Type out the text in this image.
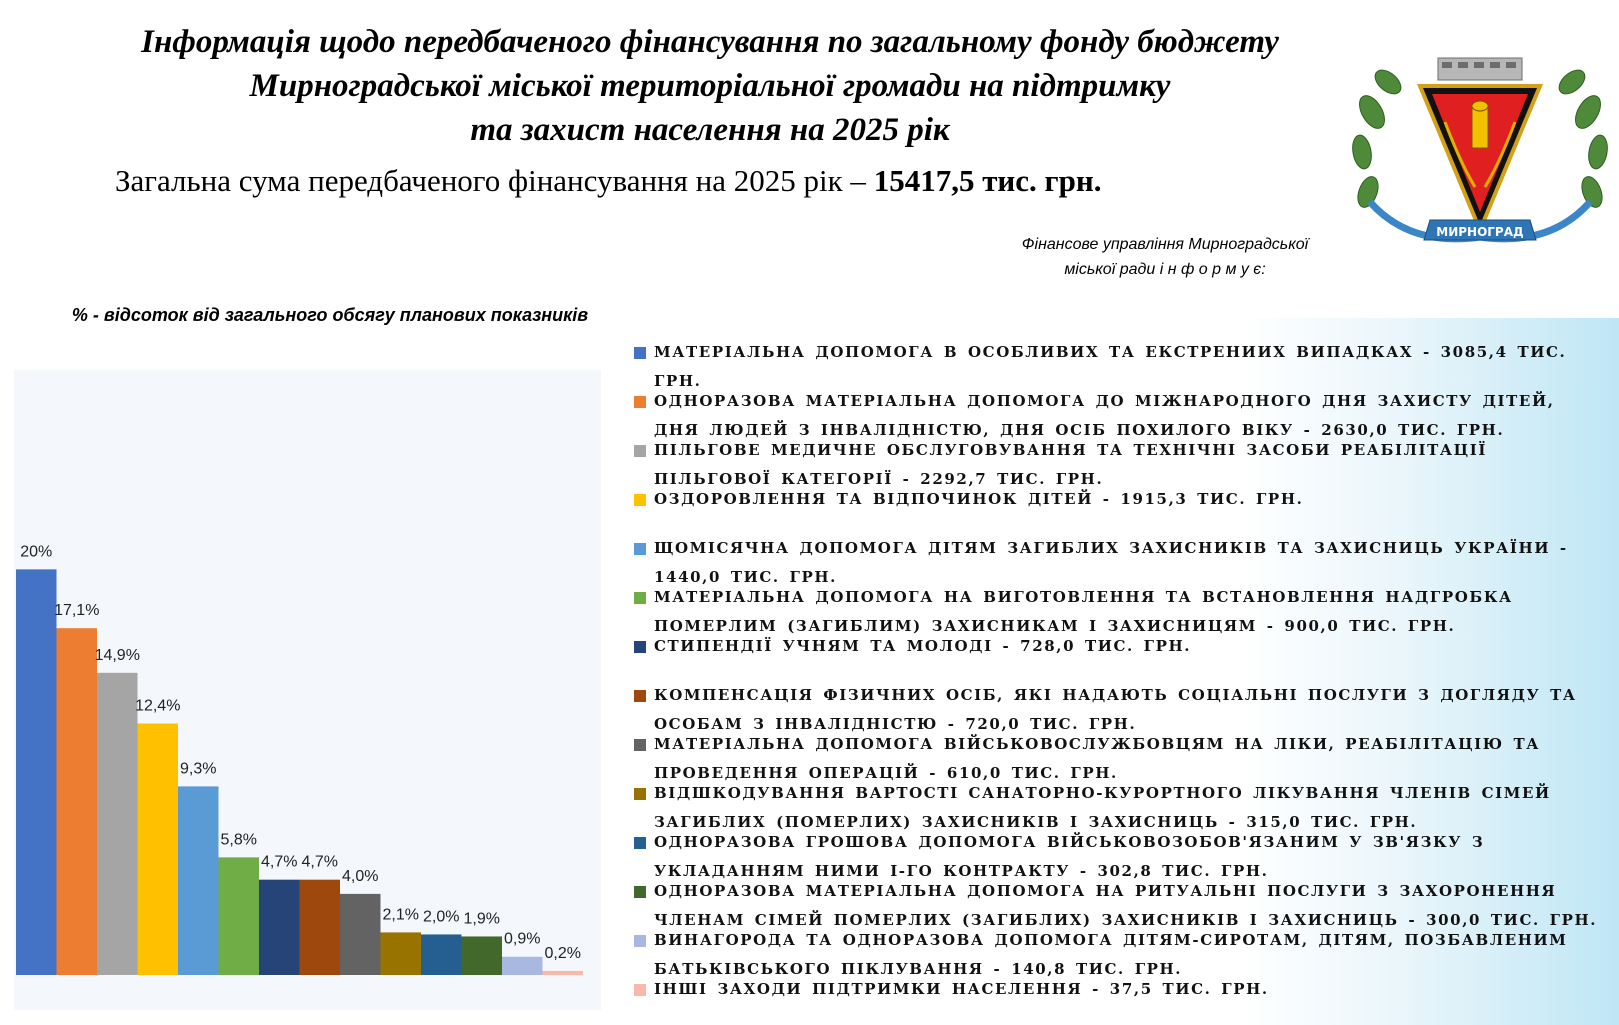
Інформація щодо передбаченого фінансування по загальному фонду бюджету
Мирноградської міської територіальної громади на підтримку
та захист населення на 2025 рік
Загальна сума передбаченого фінансування на 2025 рік – 15417,5 тис. грн.
Фінансове управління Мирноградської
міської ради і н ф о р м у є:
МИРНОГРАД
% - відсоток від загального обсягу планових показників
20%
17,1%
14,9%
12,4%
9,3%
5,8%
4,7% 4,7%
4,0%
2,1% 2,0% 1,9%
0,9%
0,2%
МАТЕРІАЛЬНА ДОПОМОГА В ОСОБЛИВИХ ТА ЕКСТРЕНИИХ ВИПАДКАХ - 3085,4 ТИС. ГРН.
ОДНОРАЗОВА МАТЕРІАЛЬНА ДОПОМОГА ДО МІЖНАРОДНОГО ДНЯ ЗАХИСТУ ДІТЕЙ, ДНЯ ЛЮДЕЙ З ІНВАЛІДНІСТЮ, ДНЯ ОСІБ ПОХИЛОГО ВІКУ - 2630,0 ТИС. ГРН.
ПІЛЬГОВЕ МЕДИЧНЕ ОБСЛУГОВУВАННЯ ТА ТЕХНІЧНІ ЗАСОБИ РЕАБІЛІТАЦІЇ ПІЛЬГОВОЇ КАТЕГОРІЇ - 2292,7 ТИС. ГРН.
ОЗДОРОВЛЕННЯ ТА ВІДПОЧИНОК ДІТЕЙ - 1915,3 ТИС. ГРН.
ЩОМІСЯЧНА ДОПОМОГА ДІТЯМ ЗАГИБЛИХ ЗАХИСНИКІВ ТА ЗАХИСНИЦЬ УКРАЇНИ - 1440,0 ТИС. ГРН.
МАТЕРІАЛЬНА ДОПОМОГА НА ВИГОТОВЛЕННЯ ТА ВСТАНОВЛЕННЯ НАДГРОБКА ПОМЕРЛИМ (ЗАГИБЛИМ) ЗАХИСНИКАМ І ЗАХИСНИЦЯМ - 900,0 ТИС. ГРН.
СТИПЕНДІЇ УЧНЯМ ТА МОЛОДІ - 728,0 ТИС. ГРН.
КОМПЕНСАЦІЯ ФІЗИЧНИХ ОСІБ, ЯКІ НАДАЮТЬ СОЦІАЛЬНІ ПОСЛУГИ З ДОГЛЯДУ ТА ОСОБАМ З ІНВАЛІДНІСТЮ - 720,0 ТИС. ГРН.
МАТЕРІАЛЬНА ДОПОМОГА ВІЙСЬКОВОСЛУЖБОВЦЯМ НА ЛІКИ, РЕАБІЛІТАЦІЮ ТА ПРОВЕДЕННЯ ОПЕРАЦІЙ - 610,0 ТИС. ГРН.
ВІДШКОДУВАННЯ ВАРТОСТІ САНАТОРНО-КУРОРТНОГО ЛІКУВАННЯ ЧЛЕНІВ СІМЕЙ ЗАГИБЛИХ (ПОМЕРЛИХ) ЗАХИСНИКІВ І ЗАХИСНИЦЬ - 315,0 ТИС. ГРН.
ОДНОРАЗОВА ГРОШОВА ДОПОМОГА ВІЙСЬКОВОЗОБОВ'ЯЗАНИМ У ЗВ'ЯЗКУ З УКЛАДАННЯМ НИМИ І-ГО КОНТРАКТУ - 302,8 ТИС. ГРН.
ОДНОРАЗОВА МАТЕРІАЛЬНА ДОПОМОГА НА РИТУАЛЬНІ ПОСЛУГИ З ЗАХОРОНЕННЯ ЧЛЕНАМ СІМЕЙ ПОМЕРЛИХ (ЗАГИБЛИХ) ЗАХИСНИКІВ І ЗАХИСНИЦЬ - 300,0 ТИС. ГРН.
ВИНАГОРОДА ТА ОДНОРАЗОВА ДОПОМОГА ДІТЯМ-СИРОТАМ, ДІТЯМ, ПОЗБАВЛЕНИМ БАТЬКІВСЬКОГО ПІКЛУВАННЯ - 140,8 ТИС. ГРН.
ІНШІ ЗАХОДИ ПІДТРИМКИ НАСЕЛЕННЯ - 37,5 ТИС. ГРН.
